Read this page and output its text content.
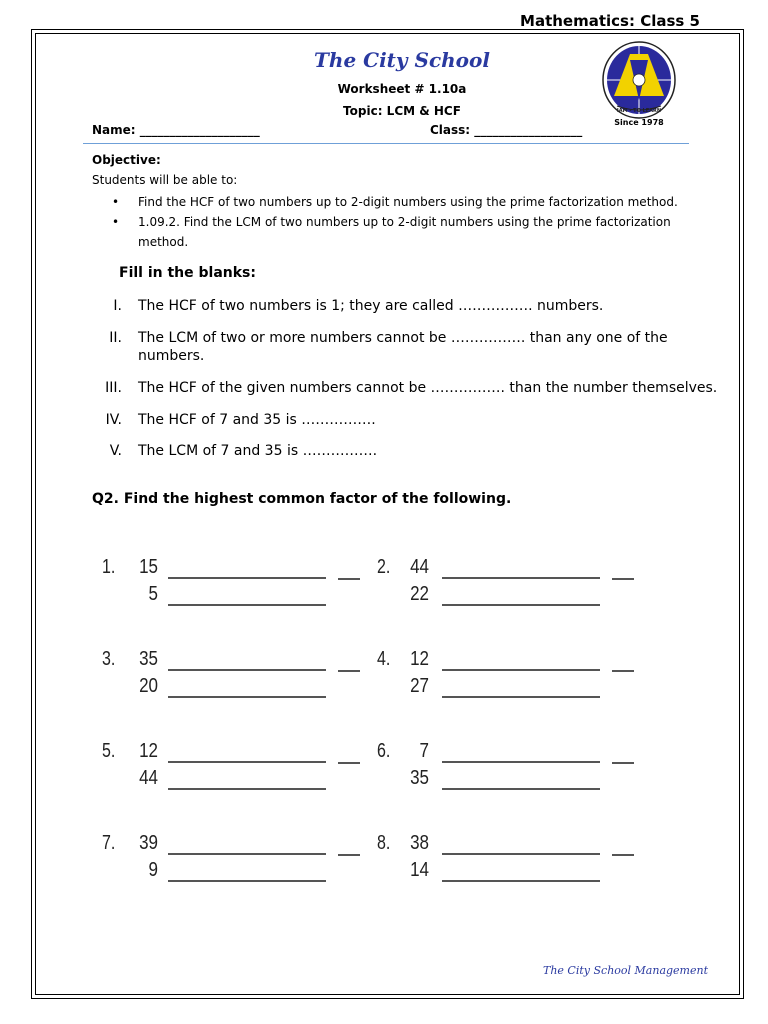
Mathematics: Class 5
The City School
IAM - TO LEARN
Since 1978
Worksheet # 1.10a
Topic: LCM & HCF
Name: ____________________	Class: __________________
Objective:
Students will be able to:
• Find the HCF of two numbers up to 2-digit numbers using the prime factorization method.
• 1.09.2. Find the LCM of two numbers up to 2-digit numbers using the prime factorization method.
Fill in the blanks:
I. The HCF of two numbers is 1; they are called ……………. numbers.
II. The LCM of two or more numbers cannot be ……………. than any one of the numbers.
III. The HCF of the given numbers cannot be ……………. than the number themselves.
IV. The HCF of 7 and 35 is …………….
V. The LCM of 7 and 35 is …………….
Q2. Find the highest common factor of the following.
1.	15
5
2. 44
22
3.	35
20
4. 12
27
5.	12
44
6.	7
35
7.	39
9
8. 38
14
The City School Management
